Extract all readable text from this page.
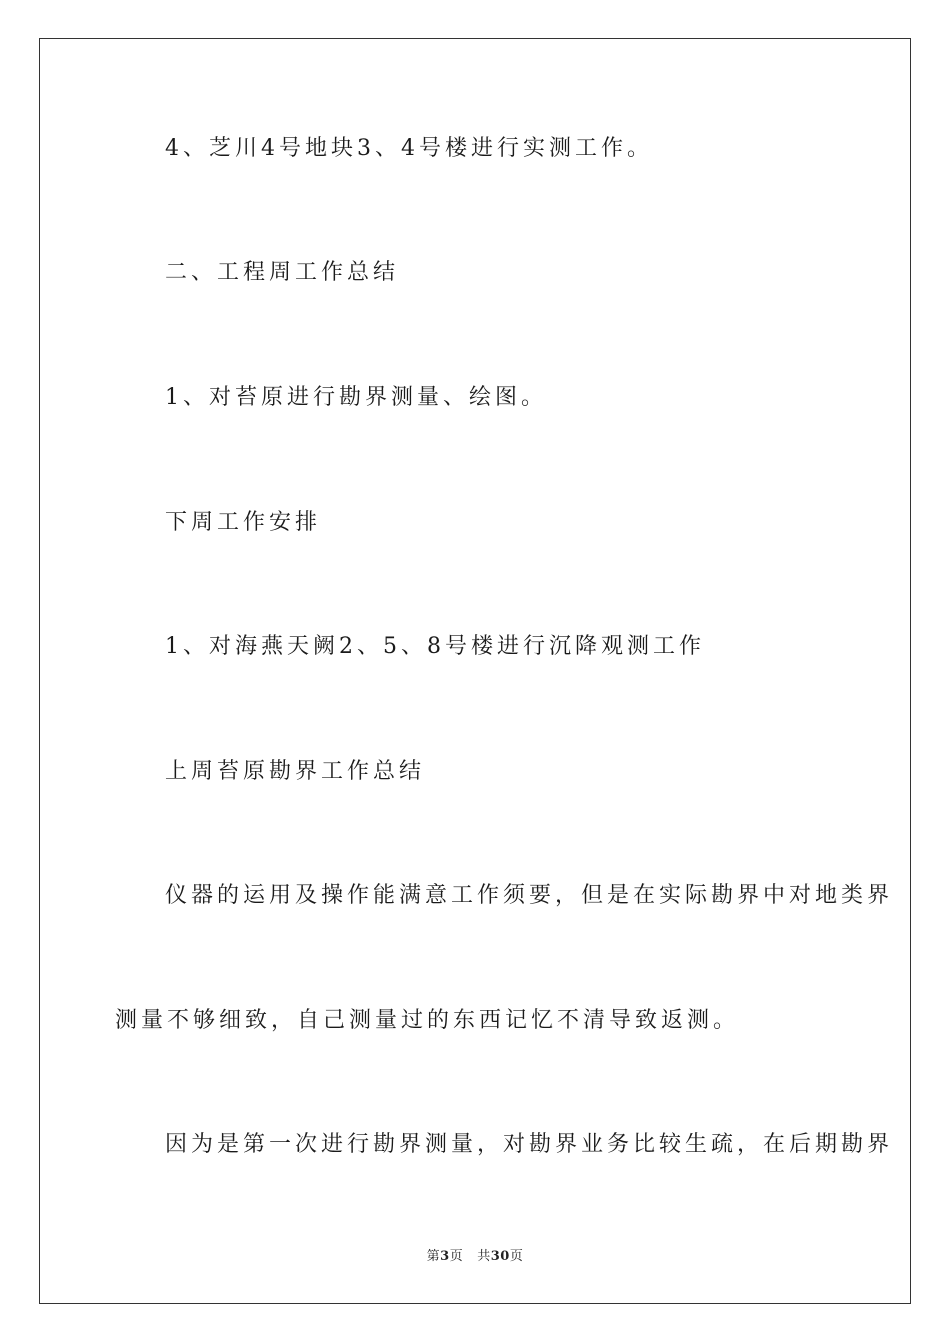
4、芝川4号地块3、4号楼进行实测工作。
二、工程周工作总结
1、对苔原进行勘界测量、绘图。
下周工作安排
1、对海燕天阙2、5、8号楼进行沉降观测工作
上周苔原勘界工作总结
仪器的运用及操作能满意工作须要，但是在实际勘界中对地类界
测量不够细致，自己测量过的东西记忆不清导致返测。
因为是第一次进行勘界测量，对勘界业务比较生疏，在后期勘界
第3页 共30页
